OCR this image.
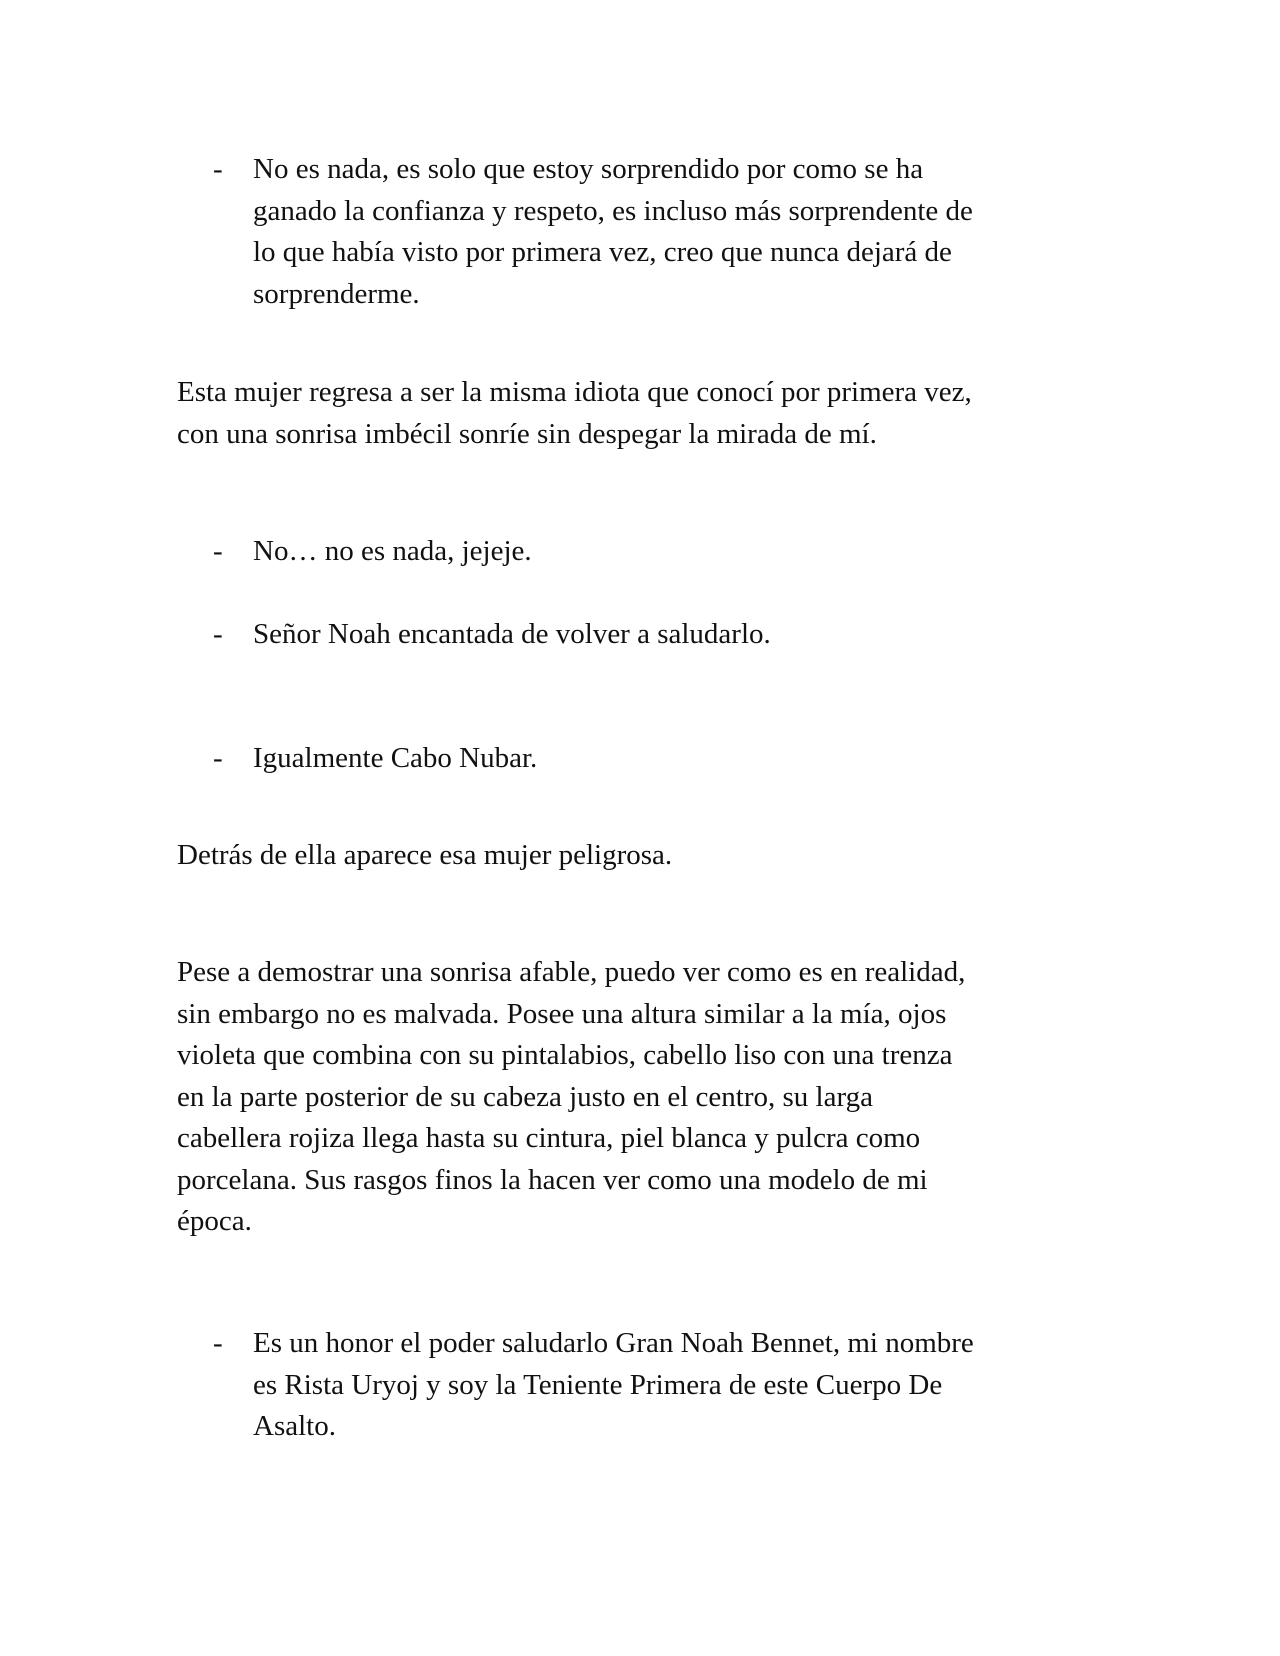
-	No es nada, es solo que estoy sorprendido por como se ha
ganado la confianza y respeto, es incluso más sorprendente de
lo que había visto por primera vez, creo que nunca dejará de
sorprenderme.
Esta mujer regresa a ser la misma idiota que conocí por primera vez,
con una sonrisa imbécil sonríe sin despegar la mirada de mí.
-	No… no es nada, jejeje.
-	Señor Noah encantada de volver a saludarlo.
-	Igualmente Cabo Nubar.
Detrás de ella aparece esa mujer peligrosa.
Pese a demostrar una sonrisa afable, puedo ver como es en realidad,
sin embargo no es malvada. Posee una altura similar a la mía, ojos
violeta que combina con su pintalabios, cabello liso con una trenza
en la parte posterior de su cabeza justo en el centro, su larga
cabellera rojiza llega hasta su cintura, piel blanca y pulcra como
porcelana. Sus rasgos finos la hacen ver como una modelo de mi
época.
-	Es un honor el poder saludarlo Gran Noah Bennet, mi nombre
es Rista Uryoj y soy la Teniente Primera de este Cuerpo De
Asalto.
